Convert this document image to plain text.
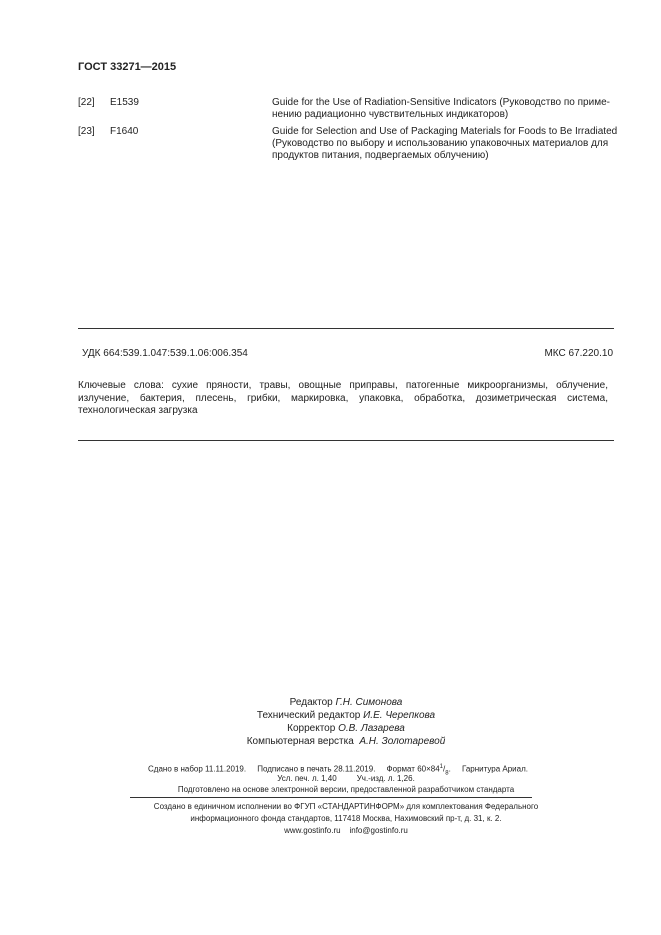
ГОСТ 33271—2015
[22] E1539	Guide for the Use of Radiation-Sensitive Indicators (Руководство по приме-
нению радиационно чувствительных индикаторов)
[23] F1640	Guide for Selection and Use of Packaging Materials for Foods to Be Irradiated
(Руководство по выбору и использованию упаковочных материалов для
продуктов питания, подвергаемых облучению)
УДК 664:539.1.047:539.1.06:006.354	МКС 67.220.10
Ключевые слова: сухие пряности, травы, овощные приправы, патогенные микроорганизмы, облучение, излучение, бактерия, плесень, грибки, маркировка, упаковка, обработка, дозиметрическая система, технологическая загрузка
Редактор Г.Н. Симонова
Технический редактор И.Е. Черепкова
Корректор О.В. Лазарева
Компьютерная верстка А.Н. Золотаревой
Сдано в набор 11.11.2019. Подписано в печать 28.11.2019. Формат $60\times 84^1/_8$. Гарнитура Ариал.
Усл. печ. л. 1,40	Уч.-изд. л. 1,26.
Подготовлено на основе электронной версии, предоставленной разработчиком стандарта
Создано в единичном исполнении во ФГУП «СТАНДАРТИНФОРМ» для комплектования Федерального
информационного фонда стандартов, 117418 Москва, Нахимовский пр-т, д. 31, к. 2.
www.gostinfo.ru info@gostinfo.ru
